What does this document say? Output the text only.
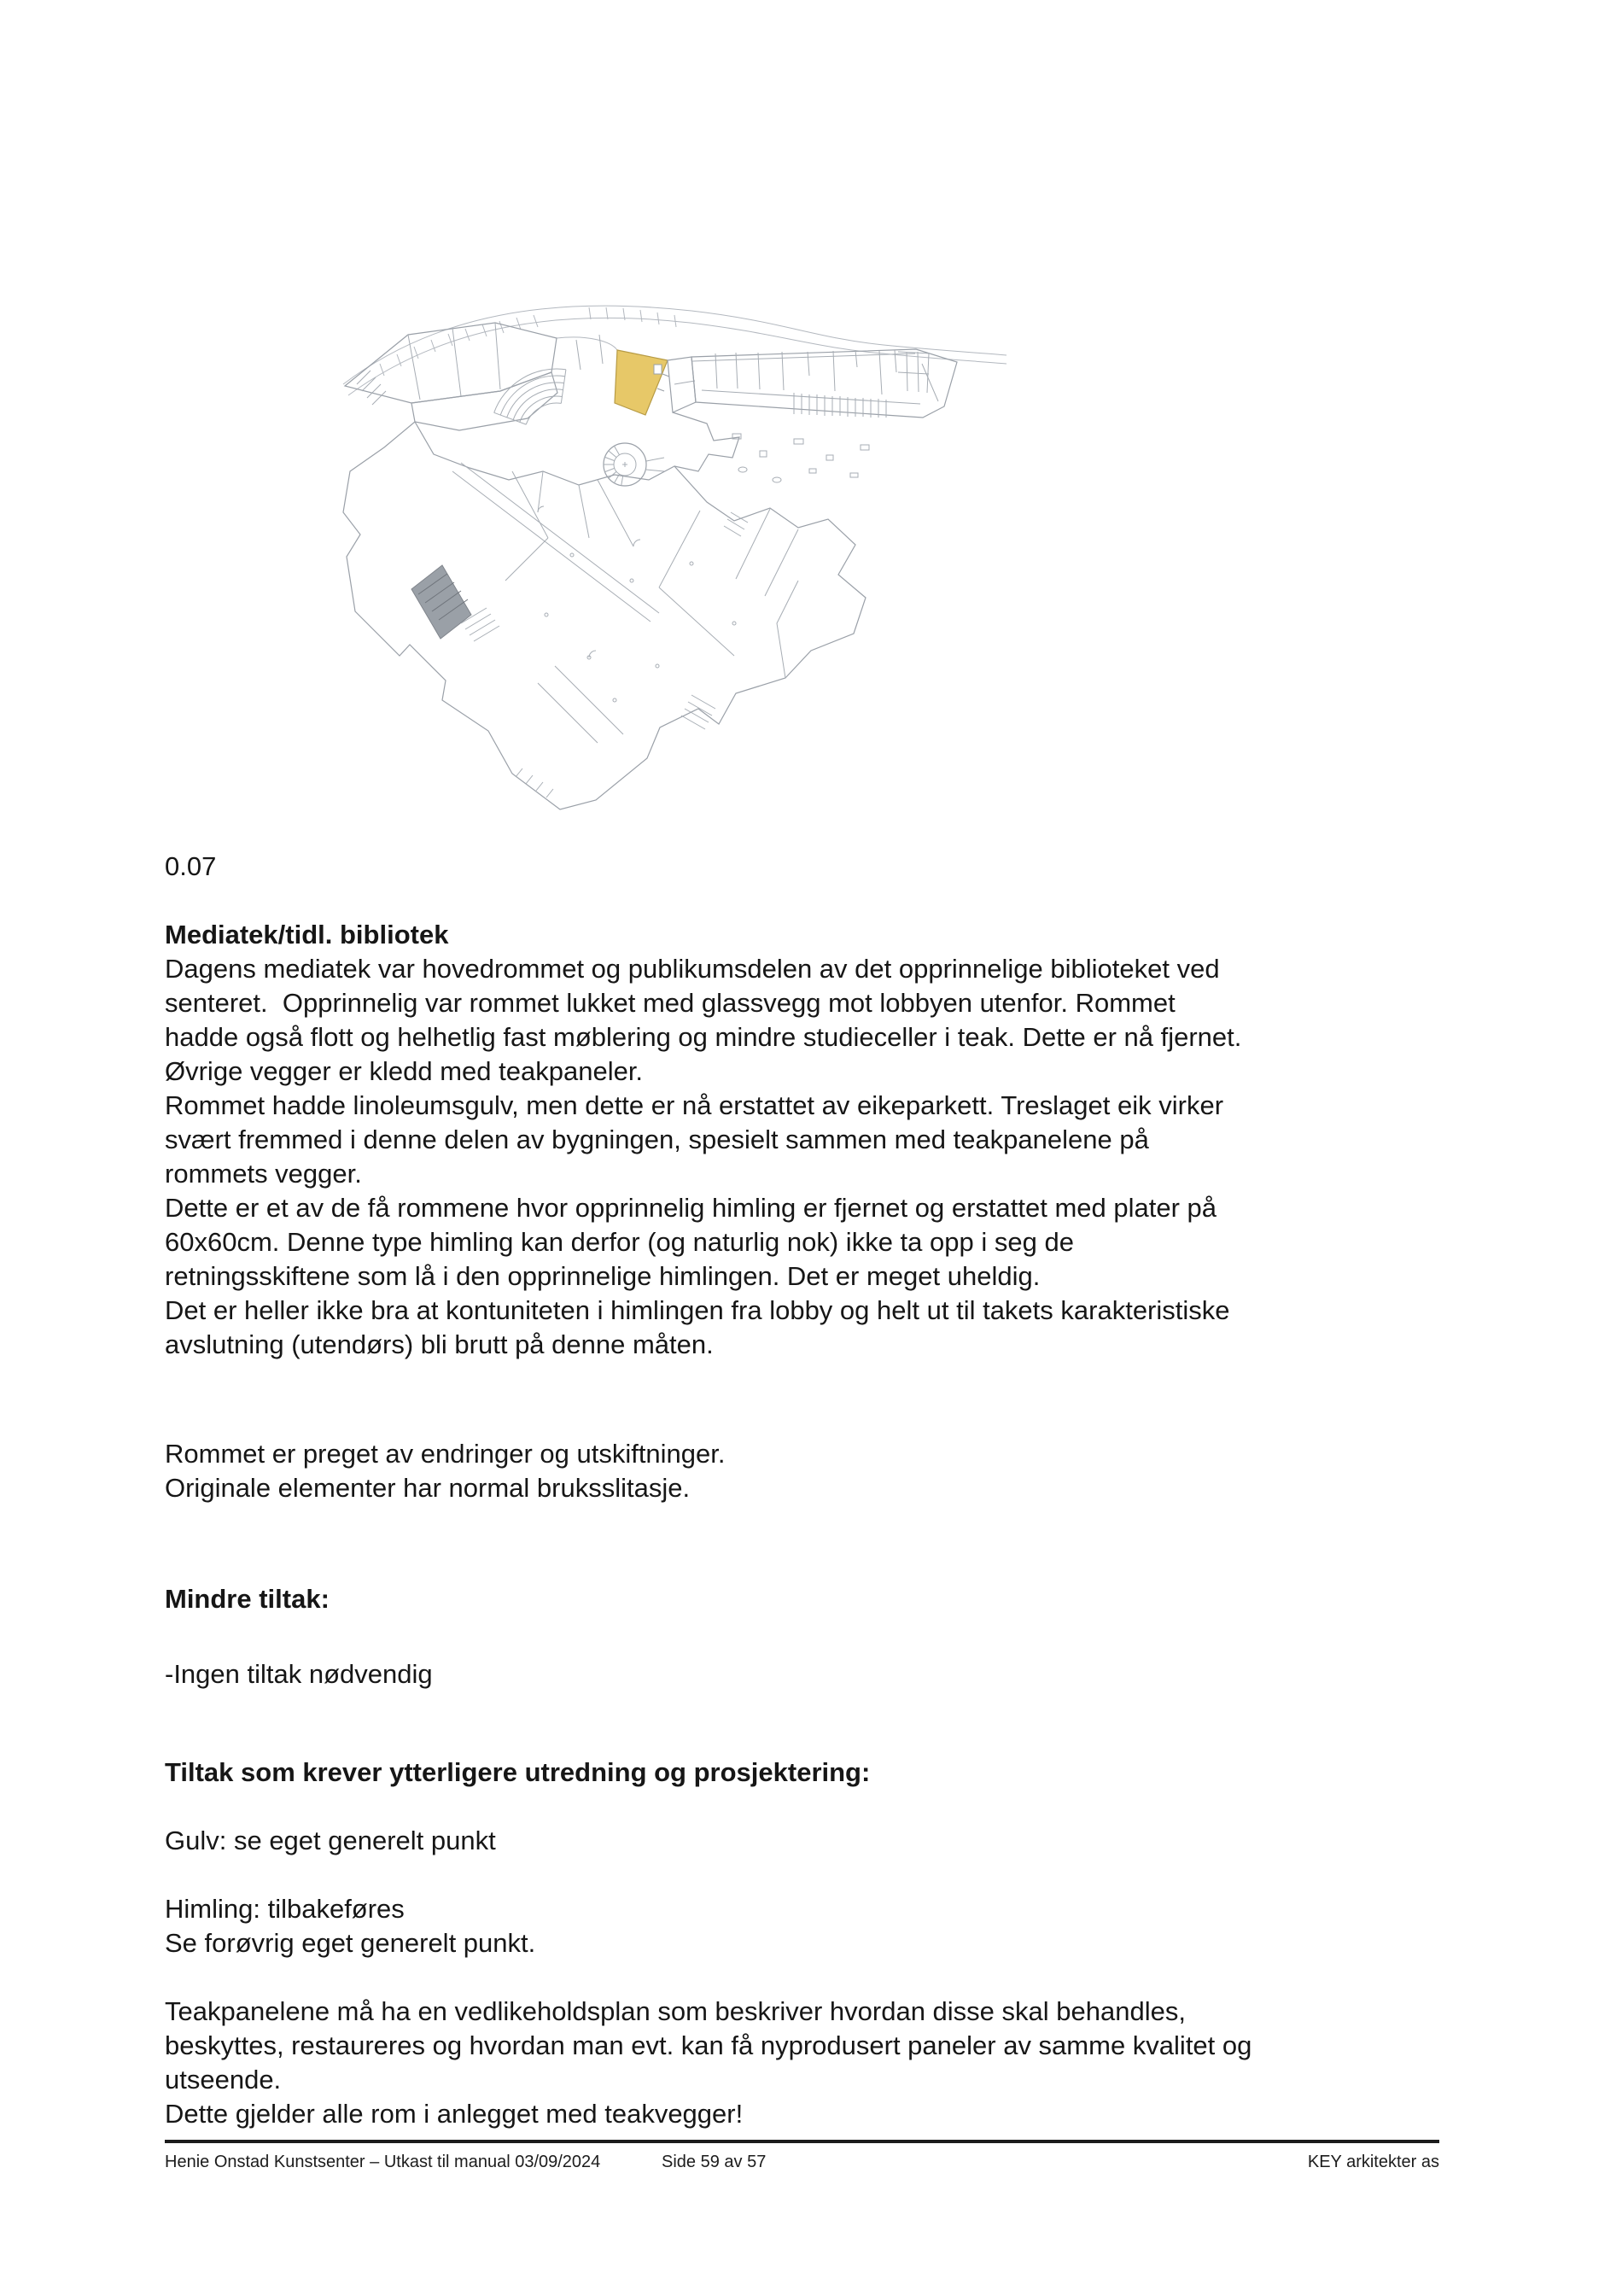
0.07
Mediatek/tidl. bibliotek
Dagens mediatek var hovedrommet og publikumsdelen av det opprinnelige biblioteket ved
senteret.  Opprinnelig var rommet lukket med glassvegg mot lobbyen utenfor. Rommet
hadde også flott og helhetlig fast møblering og mindre studieceller i teak. Dette er nå fjernet.
Øvrige vegger er kledd med teakpaneler.
Rommet hadde linoleumsgulv, men dette er nå erstattet av eikeparkett. Treslaget eik virker
svært fremmed i denne delen av bygningen, spesielt sammen med teakpanelene på
rommets vegger.
Dette er et av de få rommene hvor opprinnelig himling er fjernet og erstattet med plater på
60x60cm. Denne type himling kan derfor (og naturlig nok) ikke ta opp i seg de
retningsskiftene som lå i den opprinnelige himlingen. Det er meget uheldig.
Det er heller ikke bra at kontuniteten i himlingen fra lobby og helt ut til takets karakteristiske
avslutning (utendørs) bli brutt på denne måten.
Rommet er preget av endringer og utskiftninger.
Originale elementer har normal bruksslitasje.
Mindre tiltak:
-Ingen tiltak nødvendig
Tiltak som krever ytterligere utredning og prosjektering:
Gulv: se eget generelt punkt
Himling: tilbakeføres
Se forøvrig eget generelt punkt.
Teakpanelene må ha en vedlikeholdsplan som beskriver hvordan disse skal behandles,
beskyttes, restaureres og hvordan man evt. kan få nyprodusert paneler av samme kvalitet og
utseende.
Dette gjelder alle rom i anlegget med teakvegger!
Henie Onstad Kunstsenter – Utkast til manual 03/09/2024	Side 59 av 57	KEY arkitekter as
